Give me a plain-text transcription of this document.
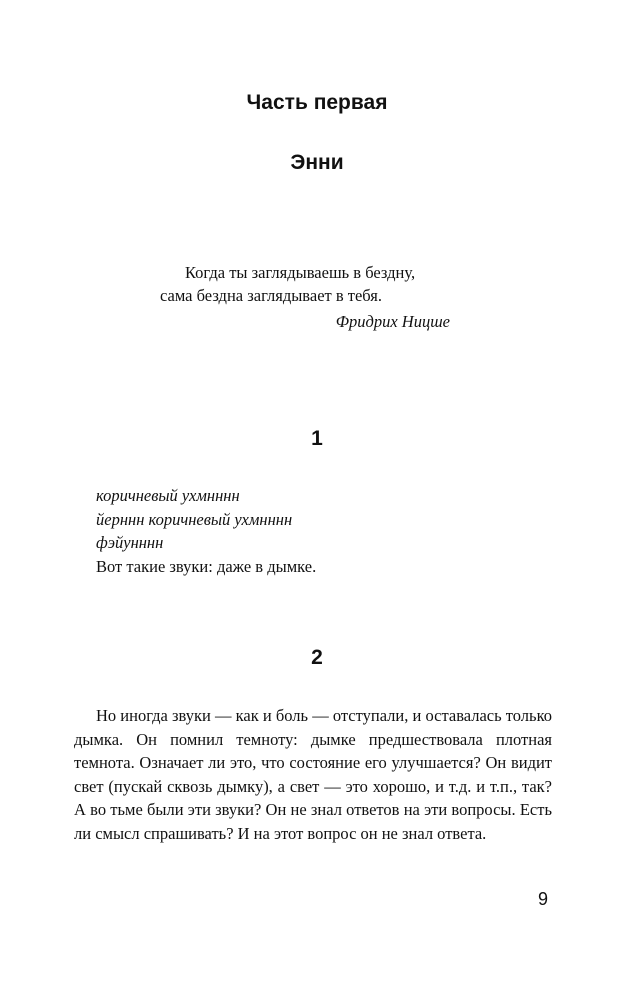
Часть первая
Энни
Когда ты заглядываешь в бездну,
сама бездна заглядывает в тебя.
Фридрих Ницше
1
коричневый ухмнннн
йерннн коричневый ухмнннн
фэйунннн
Вот такие звуки: даже в дымке.
2
Но иногда звуки — как и боль — отступали, и оставалась только дымка. Он помнил темноту: дымке предшествовала плотная темнота. Означает ли это, что состояние его улучшается? Он видит свет (пускай сквозь дымку), а свет — это хорошо, и т.д. и т.п., так? А во тьме были эти звуки? Он не знал ответов на эти вопросы. Есть ли смысл спрашивать? И на этот вопрос он не знал ответа.
9
